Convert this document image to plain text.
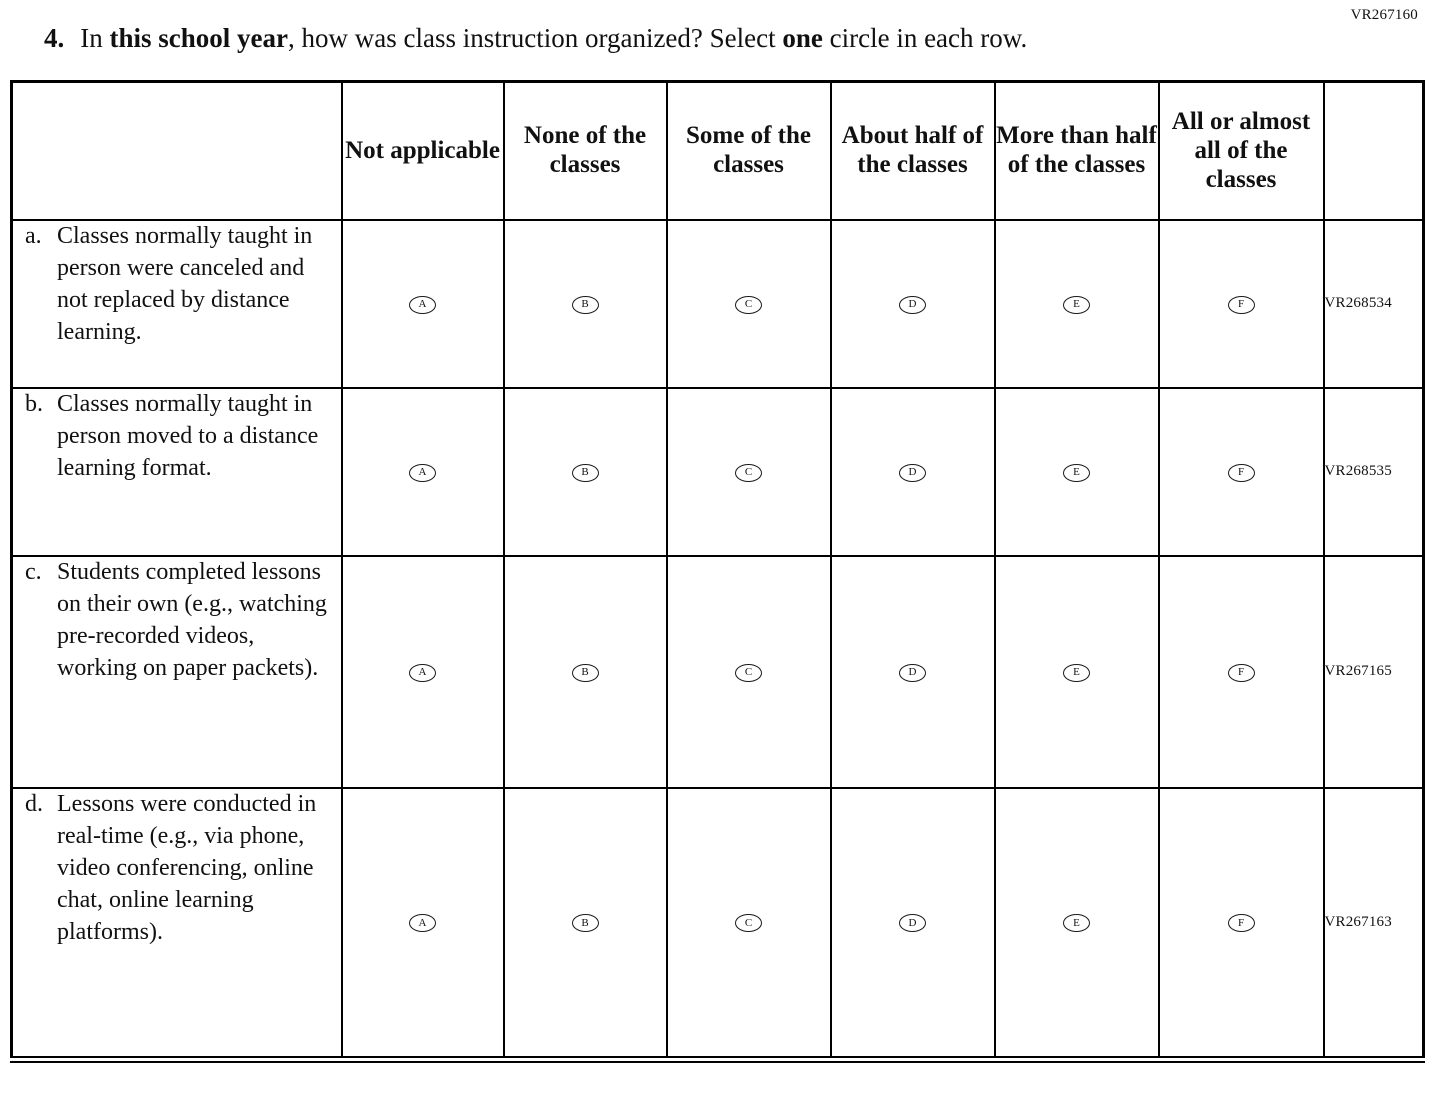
VR267160

4. In this school year, how was class instruction organized? Select one circle in each row.

	Not applicable	None of the classes	Some of the classes	About half of the classes	More than half of the classes	All or almost all of the classes	

a. Classes normally taught in person were canceled and not replaced by distance learning.	A	B	C	D	E	F	VR268534

b. Classes normally taught in person moved to a distance learning format.	A	B	C	D	E	F	VR268535

c. Students completed lessons on their own (e.g., watching pre-recorded videos, working on paper packets).	A	B	C	D	E	F	VR267165

d. Lessons were conducted in real-time (e.g., via phone, video conferencing, online chat, online learning platforms).	A	B	C	D	E	F	VR267163
